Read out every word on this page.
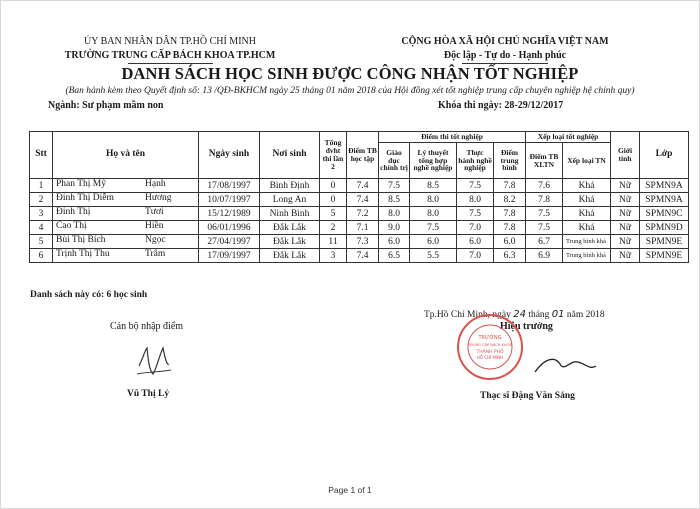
ỦY BAN NHÂN DÂN TP.HỒ CHÍ MINH
TRƯỜNG TRUNG CẤP BÁCH KHOA TP.HCM
CỘNG HÒA XÃ HỘI CHỦ NGHĨA VIỆT NAM
Độc lập - Tự do - Hạnh phúc
DANH SÁCH HỌC SINH ĐƯỢC CÔNG NHẬN TỐT NGHIỆP
(Ban hành kèm theo Quyết định số: 13 /QĐ-BKHCM ngày 25 tháng 01 năm 2018 của Hội đồng xét tốt nghiệp trung cấp chuyên nghiệp hệ chính quy)
Ngành: Sư phạm mầm non	Khóa thi ngày: 28-29/12/2017
Stt	Họ và tên	Ngày sinh	Nơi sinh	Tổng đvht thi lần 2	Điểm TB học tập	Điểm thi tốt nghiệp				Xếp loại tốt nghiệp		Giới tính	Lớp
						Giáo dục chính trị	Lý thuyết tổng hợp nghề nghiệp	Thực hành nghề nghiệp	Điểm trung bình	Điểm TB XLTN	Xếp loại TN		
1	Phan Thị Mỹ Hạnh	17/08/1997	Bình Định	0	7.4	7.5	8.5	7.5	7.8	7.6	Khá	Nữ	SPMN9A
2	Đinh Thị Diễm Hương	10/07/1997	Long An	0	7.4	8.5	8.0	8.0	8.2	7.8	Khá	Nữ	SPMN9A
3	Đinh Thị Tươi	15/12/1989	Ninh Bình	5	7.2	8.0	8.0	7.5	7.8	7.5	Khá	Nữ	SPMN9C
4	Cao Thị Hiền	06/01/1996	Đắk Lắk	2	7.1	9.0	7.5	7.0	7.8	7.5	Khá	Nữ	SPMN9D
5	Bùi Thị Bích Ngọc	27/04/1997	Đắk Lắk	11	7.3	6.0	6.0	6.0	6.0	6.7	Trung bình khá	Nữ	SPMN9E
6	Trịnh Thị Thu Trâm	17/09/1997	Đắk Lắk	3	7.4	6.5	5.5	7.0	6.3	6.9	Trung bình khá	Nữ	SPMN9E
Danh sách này có: 6 học sinh
Tp.Hồ Chí Minh, ngày 24 tháng 01 năm 2018
Cán bộ nhập điểm	Hiệu trưởng
TRƯỜNG
TRUNG CẤP BÁCH KHOA
THÀNH PHỐ
HỒ CHÍ MINH
Vũ Thị Lý	Thạc sĩ Đặng Văn Sáng
Page 1 of 1
